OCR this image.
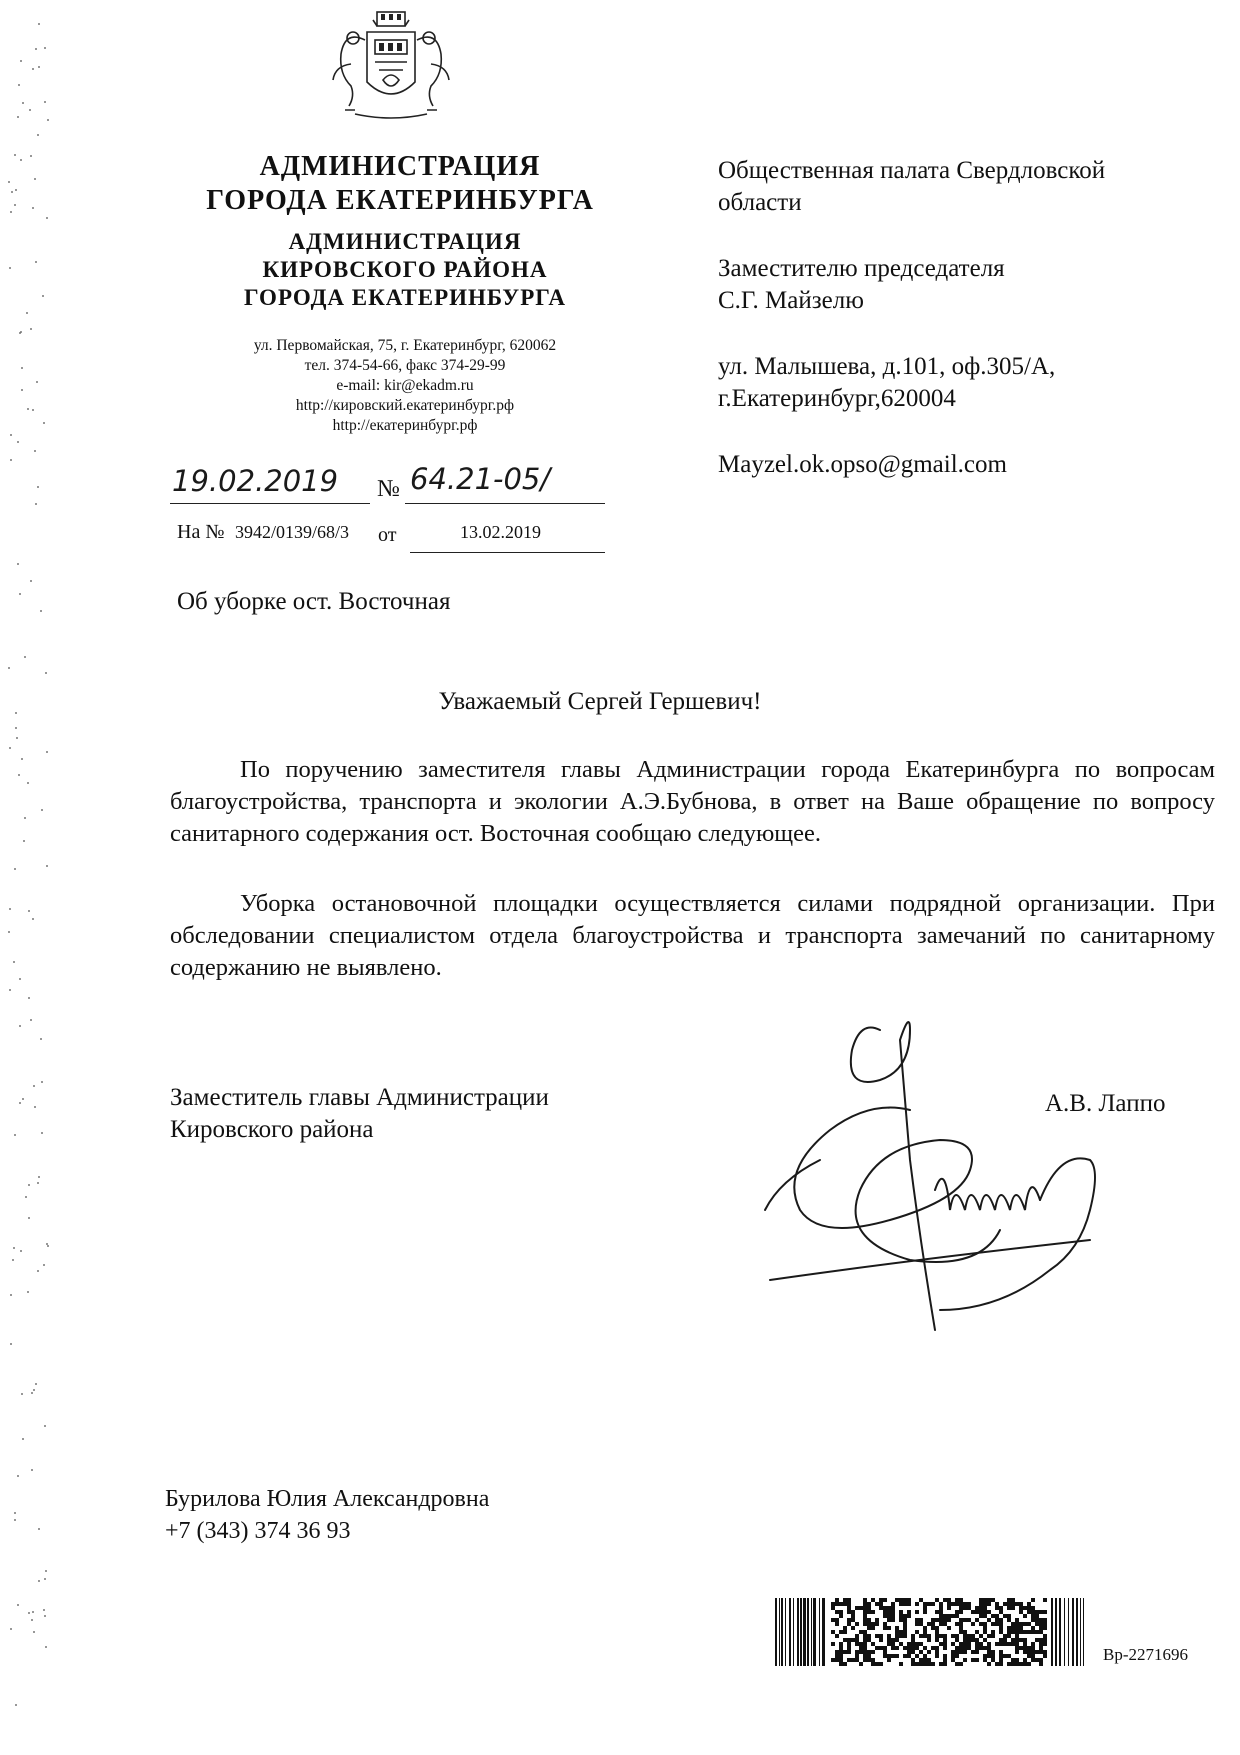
АДМИНИСТРАЦИЯ
ГОРОДА ЕКАТЕРИНБУРГА
АДМИНИСТРАЦИЯ
КИРОВСКОГО РАЙОНА
ГОРОДА ЕКАТЕРИНБУРГА
ул. Первомайская, 75, г. Екатеринбург, 620062
тел. 374-54-66, факс 374-29-99
e-mail: kir@ekadm.ru
http://кировский.екатеринбург.рф
http://екатеринбург.рф
19.02.2019 № 64.21-05/
На № 3942/0139/68/3 от	13.02.2019
Общественная палата Свердловской
области
Заместителю председателя
С.Г. Майзелю
ул. Малышева, д.101, оф.305/А,
г.Екатеринбург,620004
Mayzel.ok.opso@gmail.com
Об уборке ост. Восточная
Уважаемый Сергей Гершевич!
По поручению заместителя главы Администрации города Екатеринбурга по вопросам благоустройства, транспорта и экологии А.Э.Бубнова, в ответ на Ваше обращение по вопросу санитарного содержания ост. Восточная сообщаю следующее.
Уборка остановочной площадки осуществляется силами подрядной организации. При обследовании специалистом отдела благоустройства и транспорта замечаний по санитарному содержанию не выявлено.
Заместитель главы Администрации
Кировского района
А.В. Лаппо
Бурилова Юлия Александровна
+7 (343) 374 36 93
Вр-2271696
